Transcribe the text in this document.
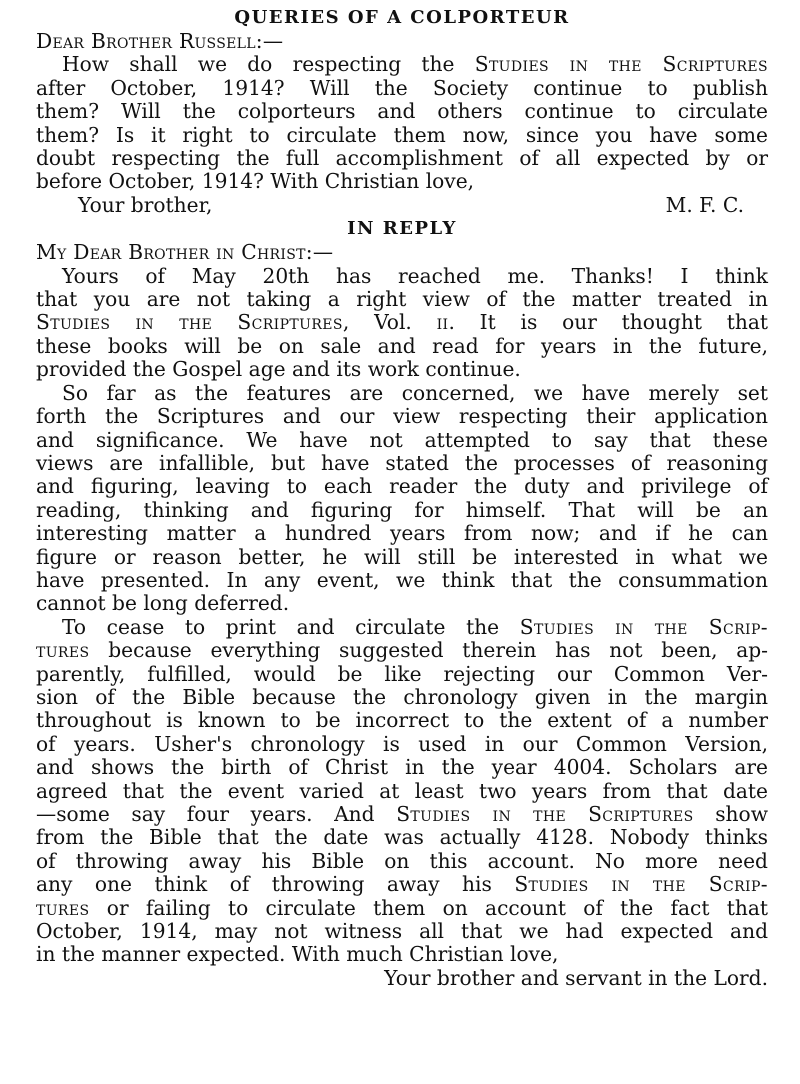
QUERIES OF A COLPORTEUR
Dear Brother Russell:—
How shall we do respecting the Studies in the Scriptures
after October, 1914? Will the Society continue to publish
them? Will the colporteurs and others continue to circulate
them? Is it right to circulate them now, since you have some
doubt respecting the full accomplishment of all expected by or
before October, 1914? With Christian love,
Your brother,	M. F. C.
IN REPLY
My Dear Brother in Christ:—
Yours of May 20th has reached me. Thanks! I think
that you are not taking a right view of the matter treated in
Studies in the Scriptures, Vol. ii. It is our thought that
these books will be on sale and read for years in the future,
provided the Gospel age and its work continue.
So far as the features are concerned, we have merely set
forth the Scriptures and our view respecting their application
and significance. We have not attempted to say that these
views are infallible, but have stated the processes of reasoning
and figuring, leaving to each reader the duty and privilege of
reading, thinking and figuring for himself. That will be an
interesting matter a hundred years from now; and if he can
figure or reason better, he will still be interested in what we
have presented. In any event, we think that the consummation
cannot be long deferred.
To cease to print and circulate the Studies in the Scrip-
tures because everything suggested therein has not been, ap-
parently, fulfilled, would be like rejecting our Common Ver-
sion of the Bible because the chronology given in the margin
throughout is known to be incorrect to the extent of a number
of years. Usher's chronology is used in our Common Version,
and shows the birth of Christ in the year 4004. Scholars are
agreed that the event varied at least two years from that date
—some say four years. And Studies in the Scriptures show
from the Bible that the date was actually 4128. Nobody thinks
of throwing away his Bible on this account. No more need
any one think of throwing away his Studies in the Scrip-
tures or failing to circulate them on account of the fact that
October, 1914, may not witness all that we had expected and
in the manner expected. With much Christian love,
Your brother and servant in the Lord.
